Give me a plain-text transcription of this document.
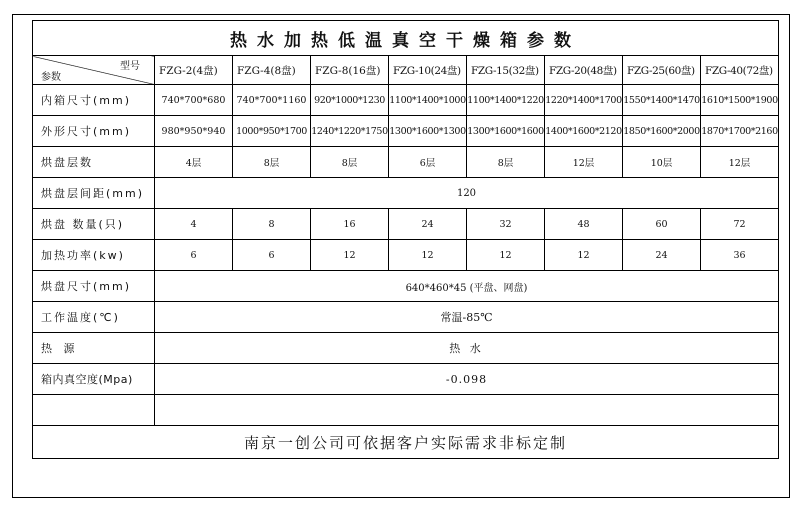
热水加热低温真空干燥箱参数								

型号
参数	FZG-2(4盘)	FZG-4(8盘)	FZG-8(16盘)	FZG-10(24盘)	FZG-15(32盘)	FZG-20(48盘)	FZG-25(60盘)	FZG-40(72盘)
内箱尺寸(mm)	740*700*680	740*700*1160	920*1000*1230	1100*1400*1000	1100*1400*1220	1220*1400*1700	1550*1400*1470	1610*1500*1900
外形尺寸(mm)	980*950*940	1000*950*1700	1240*1220*1750	1300*1600*1300	1300*1600*1600	1400*1600*2120	1850*1600*2000	1870*1700*2160
烘盘层数	4层	8层	8层	6层	8层	12层	10层	12层
烘盘层间距(mm)	120							
烘盘 数量(只)	4	8	16	24	32	48	60	72
加热功率(kw)	6	6	12	12	12	12	24	36
烘盘尺寸(mm)	640*460*45 (平盘、网盘)							
工作温度(℃)	常温-85℃							
热 源	热 水							
箱内真空度(Mpa)	-0.098							

南京一创公司可依据客户实际需求非标定制								
